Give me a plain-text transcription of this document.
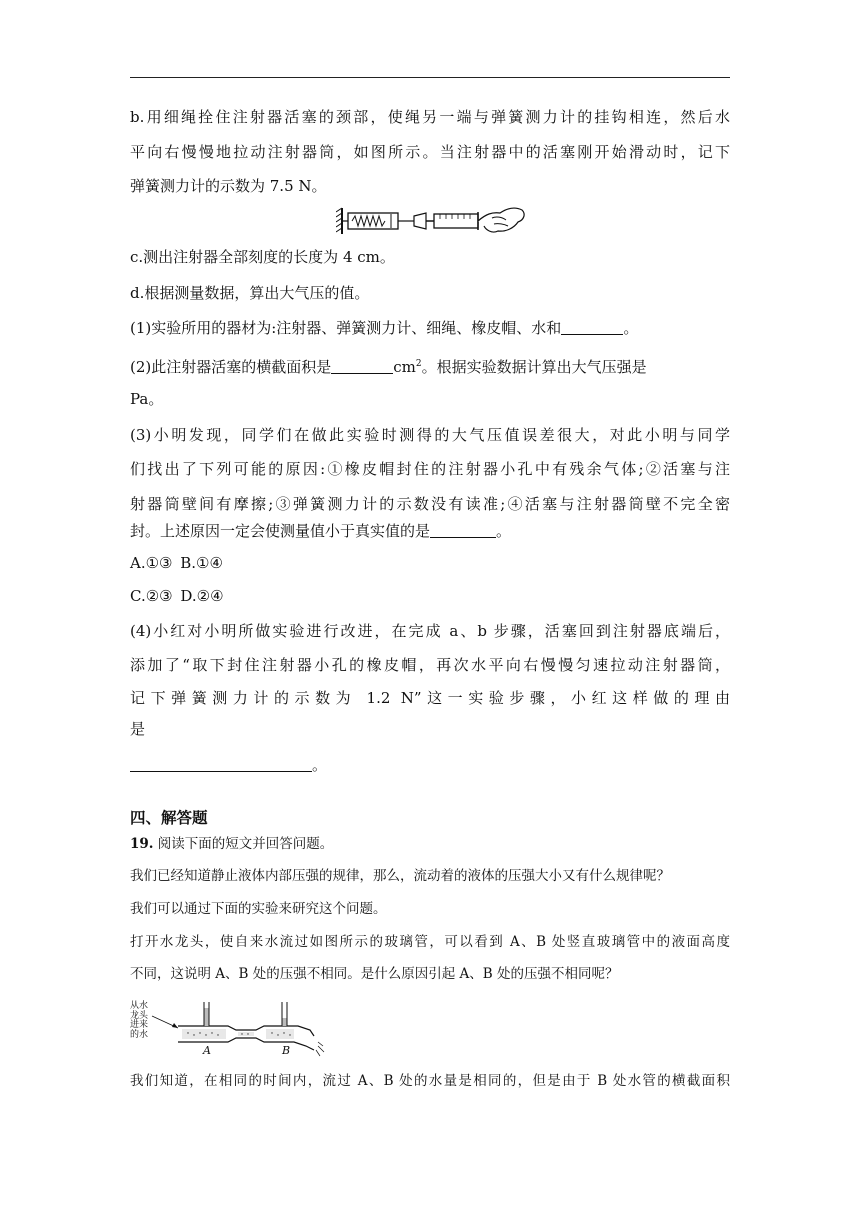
b.用细绳拴住注射器活塞的颈部，使绳另一端与弹簧测力计的挂钩相连，然后水
平向右慢慢地拉动注射器筒，如图所示。当注射器中的活塞刚开始滑动时，记下
弹簧测力计的示数为 7.5 N。
c.测出注射器全部刻度的长度为 4 cm。
d.根据测量数据，算出大气压的值。
(1)实验所用的器材为:注射器、弹簧测力计、细绳、橡皮帽、水和	。
(2)此注射器活塞的横截面积是	$cm^2$。根据实验数据计算出大气压强是
Pa。
(3)小明发现，同学们在做此实验时测得的大气压值误差很大，对此小明与同学
们找出了下列可能的原因:①橡皮帽封住的注射器小孔中有残余气体;②活塞与注
射器筒壁间有摩擦;③弹簧测力计的示数没有读准;④活塞与注射器筒壁不完全密
封。上述原因一定会使测量值小于真实值的是	。
A.①③ B.①④
C.②③ D.②④
(4)小红对小明所做实验进行改进，在完成 a、b 步骤，活塞回到注射器底端后，
添加了“取下封住注射器小孔的橡皮帽，再次水平向右慢慢匀速拉动注射器筒，
记下弹簧测力计的示数为 1.2 N”这一实验步骤，小红这样做的理由
是
。
四、解答题
19. 阅读下面的短文并回答问题。
我们已经知道静止液体内部压强的规律，那么，流动着的液体的压强大小又有什么规律呢？
我们可以通过下面的实验来研究这个问题。
打开水龙头，使自来水流过如图所示的玻璃管，可以看到 A、B 处竖直玻璃管中的液面高度
不同，这说明 A、B 处的压强不相同。是什么原因引起 A、B 处的压强不相同呢？
从水
龙头
进来
的水
A	B
我们知道，在相同的时间内，流过 A、B 处的水量是相同的，但是由于 B 处水管的横截面积
